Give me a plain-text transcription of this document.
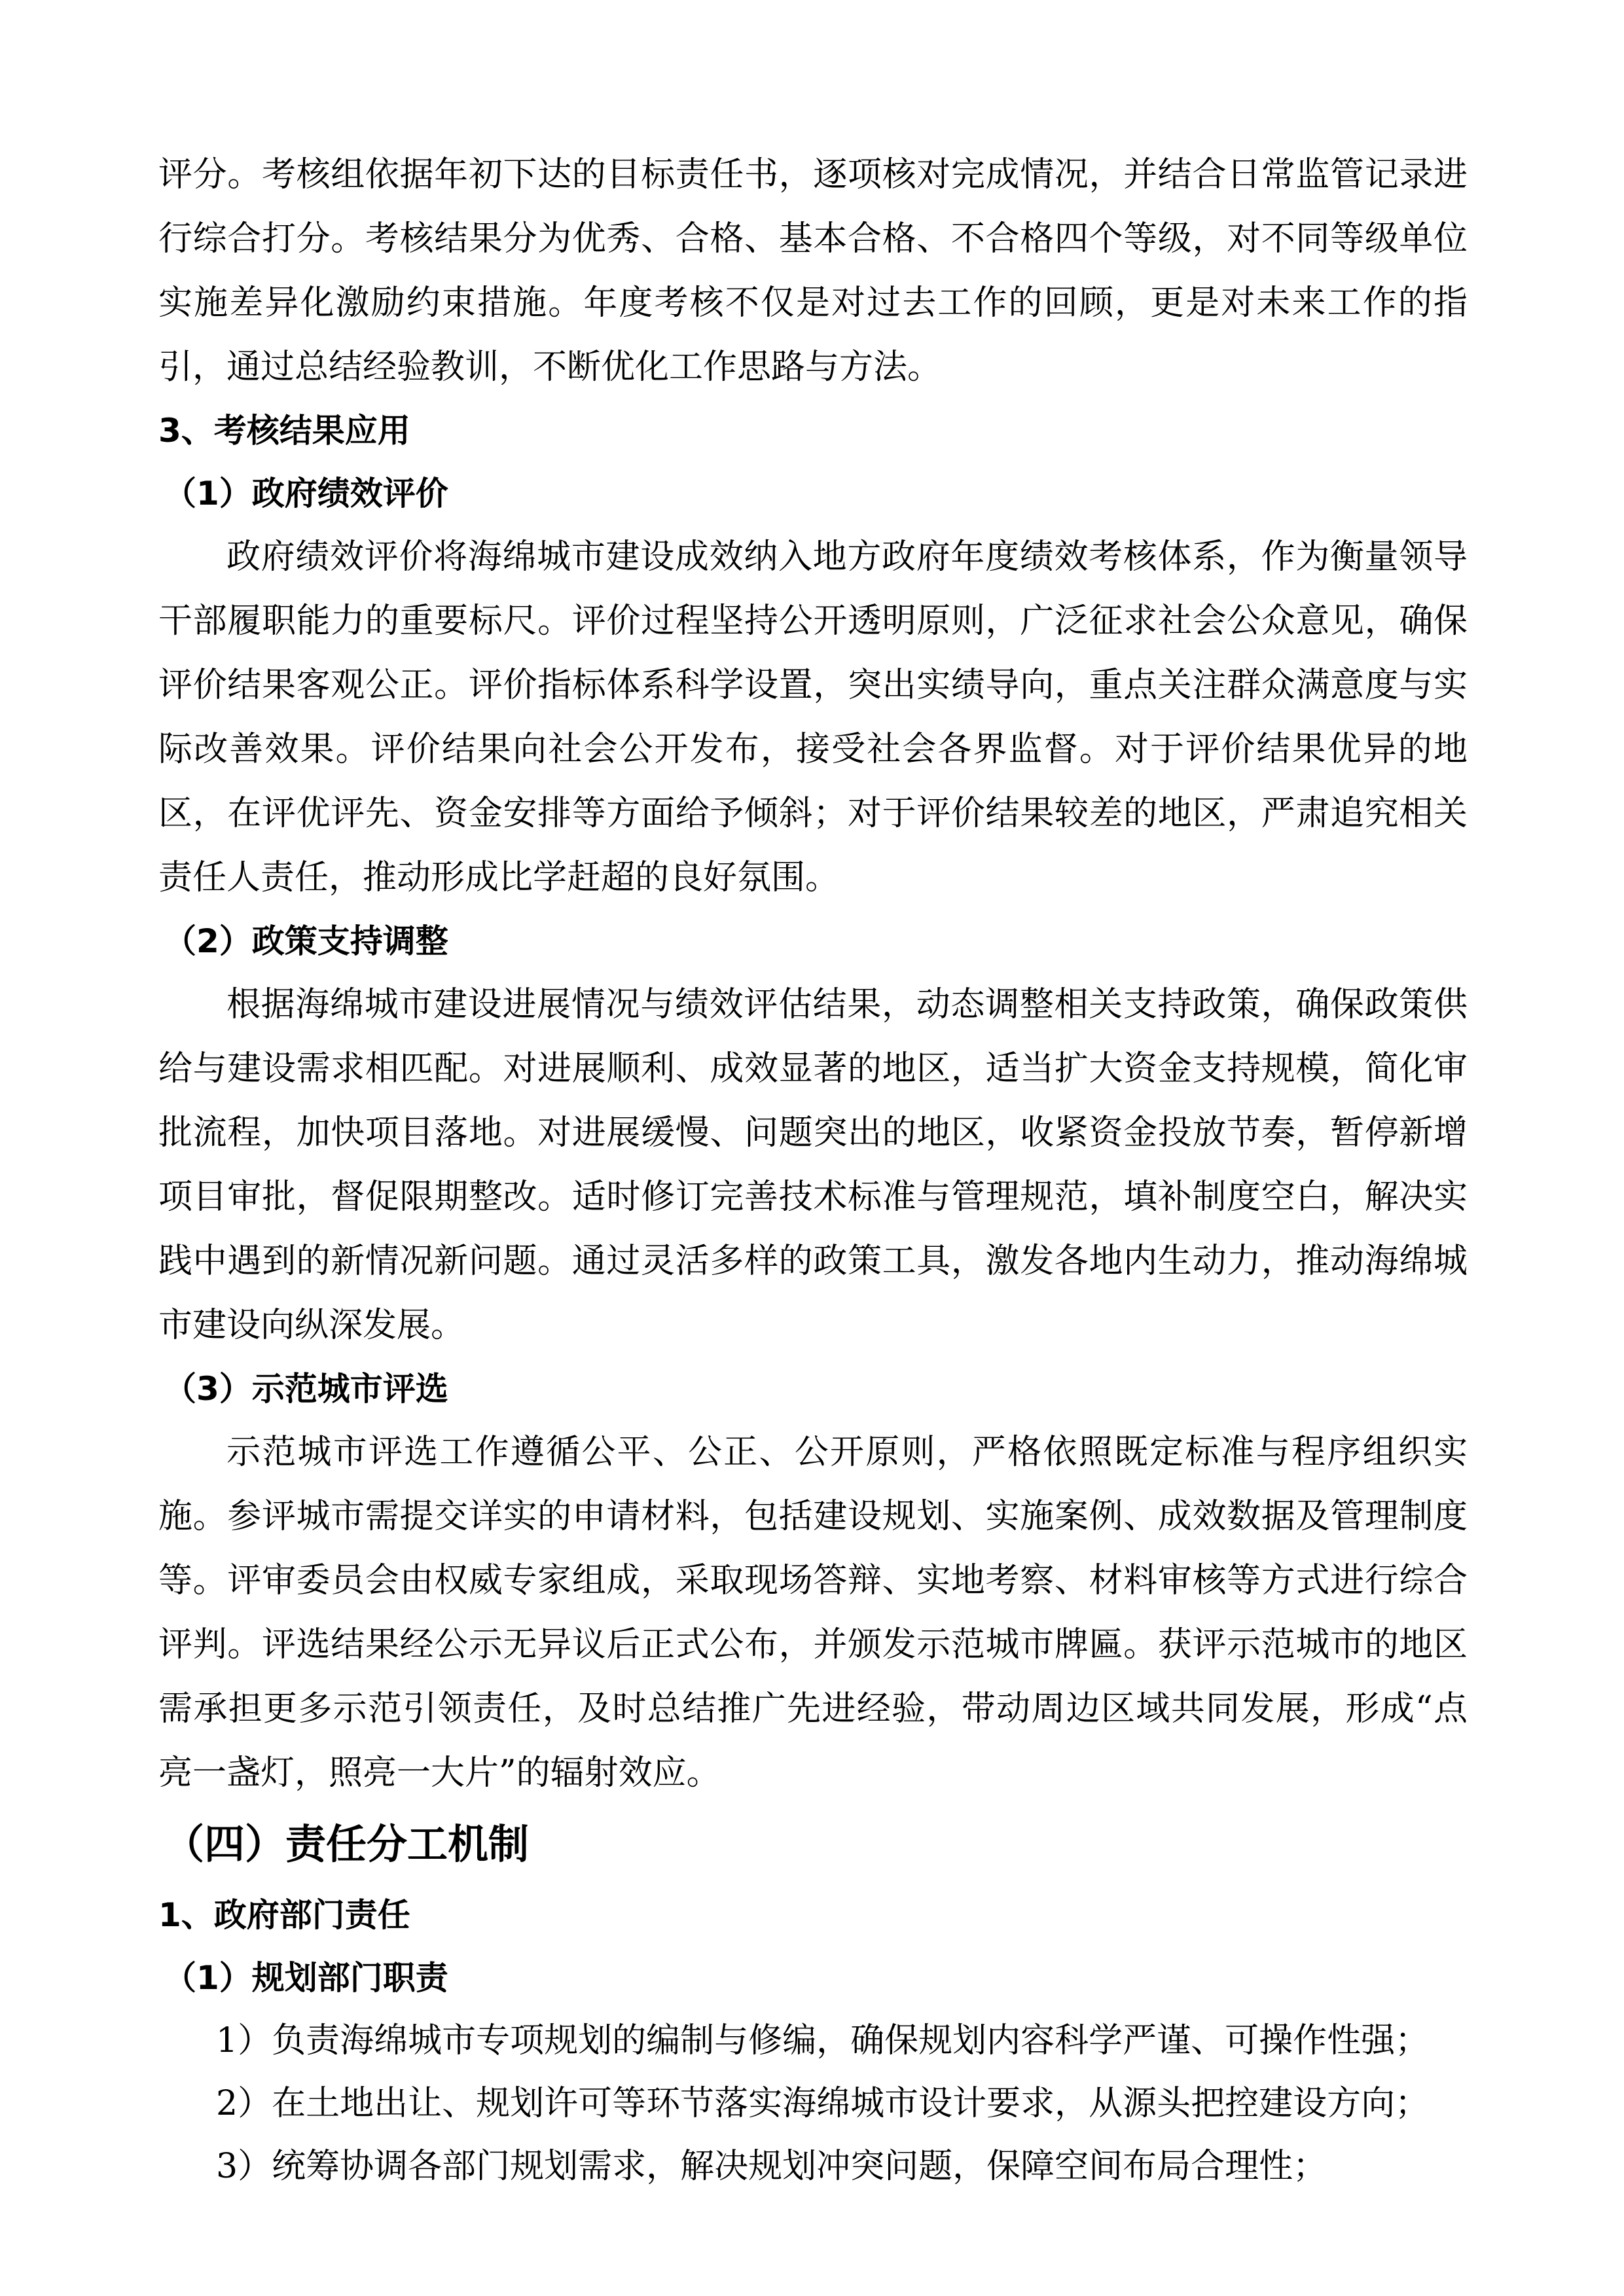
评分。考核组依据年初下达的目标责任书，逐项核对完成情况，并结合日常监管记录进行综合打分。考核结果分为优秀、合格、基本合格、不合格四个等级，对不同等级单位实施差异化激励约束措施。年度考核不仅是对过去工作的回顾，更是对未来工作的指引，通过总结经验教训，不断优化工作思路与方法。

3、考核结果应用

（1）政府绩效评价

政府绩效评价将海绵城市建设成效纳入地方政府年度绩效考核体系，作为衡量领导干部履职能力的重要标尺。评价过程坚持公开透明原则，广泛征求社会公众意见，确保评价结果客观公正。评价指标体系科学设置，突出实绩导向，重点关注群众满意度与实际改善效果。评价结果向社会公开发布，接受社会各界监督。对于评价结果优异的地区，在评优评先、资金安排等方面给予倾斜；对于评价结果较差的地区，严肃追究相关责任人责任，推动形成比学赶超的良好氛围。

（2）政策支持调整

根据海绵城市建设进展情况与绩效评估结果，动态调整相关支持政策，确保政策供给与建设需求相匹配。对进展顺利、成效显著的地区，适当扩大资金支持规模，简化审批流程，加快项目落地。对进展缓慢、问题突出的地区，收紧资金投放节奏，暂停新增项目审批，督促限期整改。适时修订完善技术标准与管理规范，填补制度空白，解决实践中遇到的新情况新问题。通过灵活多样的政策工具，激发各地内生动力，推动海绵城市建设向纵深发展。

（3）示范城市评选

示范城市评选工作遵循公平、公正、公开原则，严格依照既定标准与程序组织实施。参评城市需提交详实的申请材料，包括建设规划、实施案例、成效数据及管理制度等。评审委员会由权威专家组成，采取现场答辩、实地考察、材料审核等方式进行综合评判。评选结果经公示无异议后正式公布，并颁发示范城市牌匾。获评示范城市的地区需承担更多示范引领责任，及时总结推广先进经验，带动周边区域共同发展，形成“点亮一盏灯，照亮一大片”的辐射效应。

（四）责任分工机制

1、政府部门责任

（1）规划部门职责

1）负责海绵城市专项规划的编制与修编，确保规划内容科学严谨、可操作性强；

2）在土地出让、规划许可等环节落实海绵城市设计要求，从源头把控建设方向；

3）统筹协调各部门规划需求，解决规划冲突问题，保障空间布局合理性；
